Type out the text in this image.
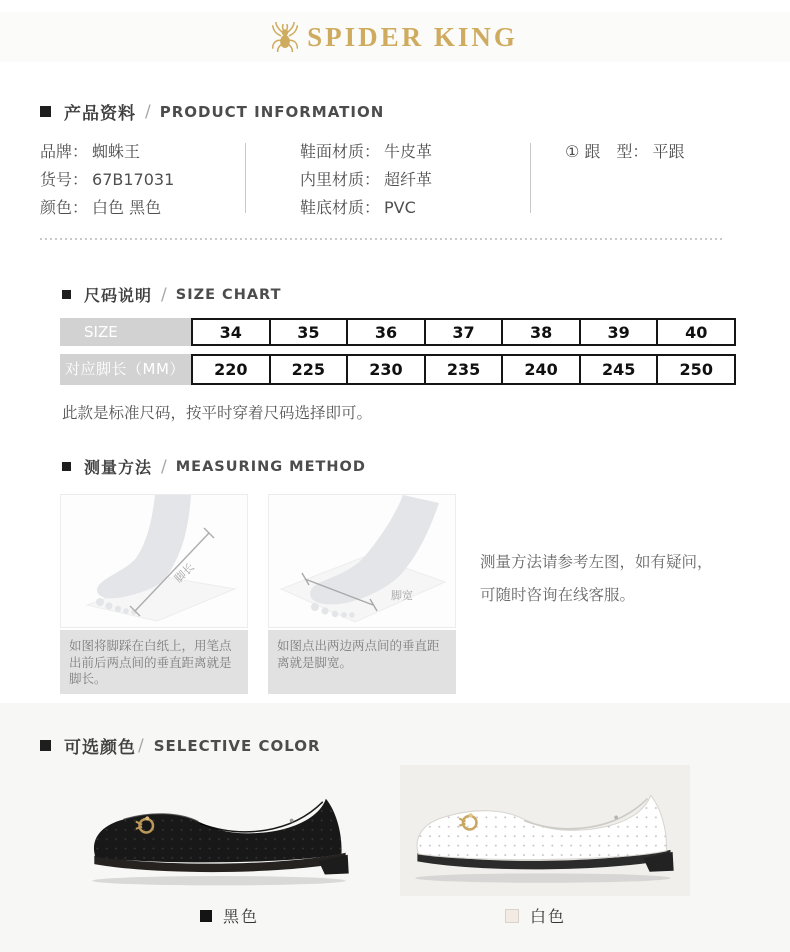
SPIDER KING
产品资料 / PRODUCT INFORMATION
品牌： 蜘蛛王
货号： 67B17031
颜色： 白色 黑色
鞋面材质： 牛皮革
内里材质： 超纤革
鞋底材质： PVC
① 跟　型： 平跟
尺码说明 / SIZE CHART
SIZE	34	35	36	37	38	39	40
对应脚长（MM）	220	225	230	235	240	245	250
此款是标准尺码，按平时穿着尺码选择即可。
测量方法 / MEASURING METHOD
脚长
如图将脚踩在白纸上，用笔点出前后两点间的垂直距离就是脚长。
脚宽
如图点出两边两点间的垂直距离就是脚宽。
测量方法请参考左图，如有疑问，
可随时咨询在线客服。
可选颜色 / SELECTIVE COLOR
黑色	白色
